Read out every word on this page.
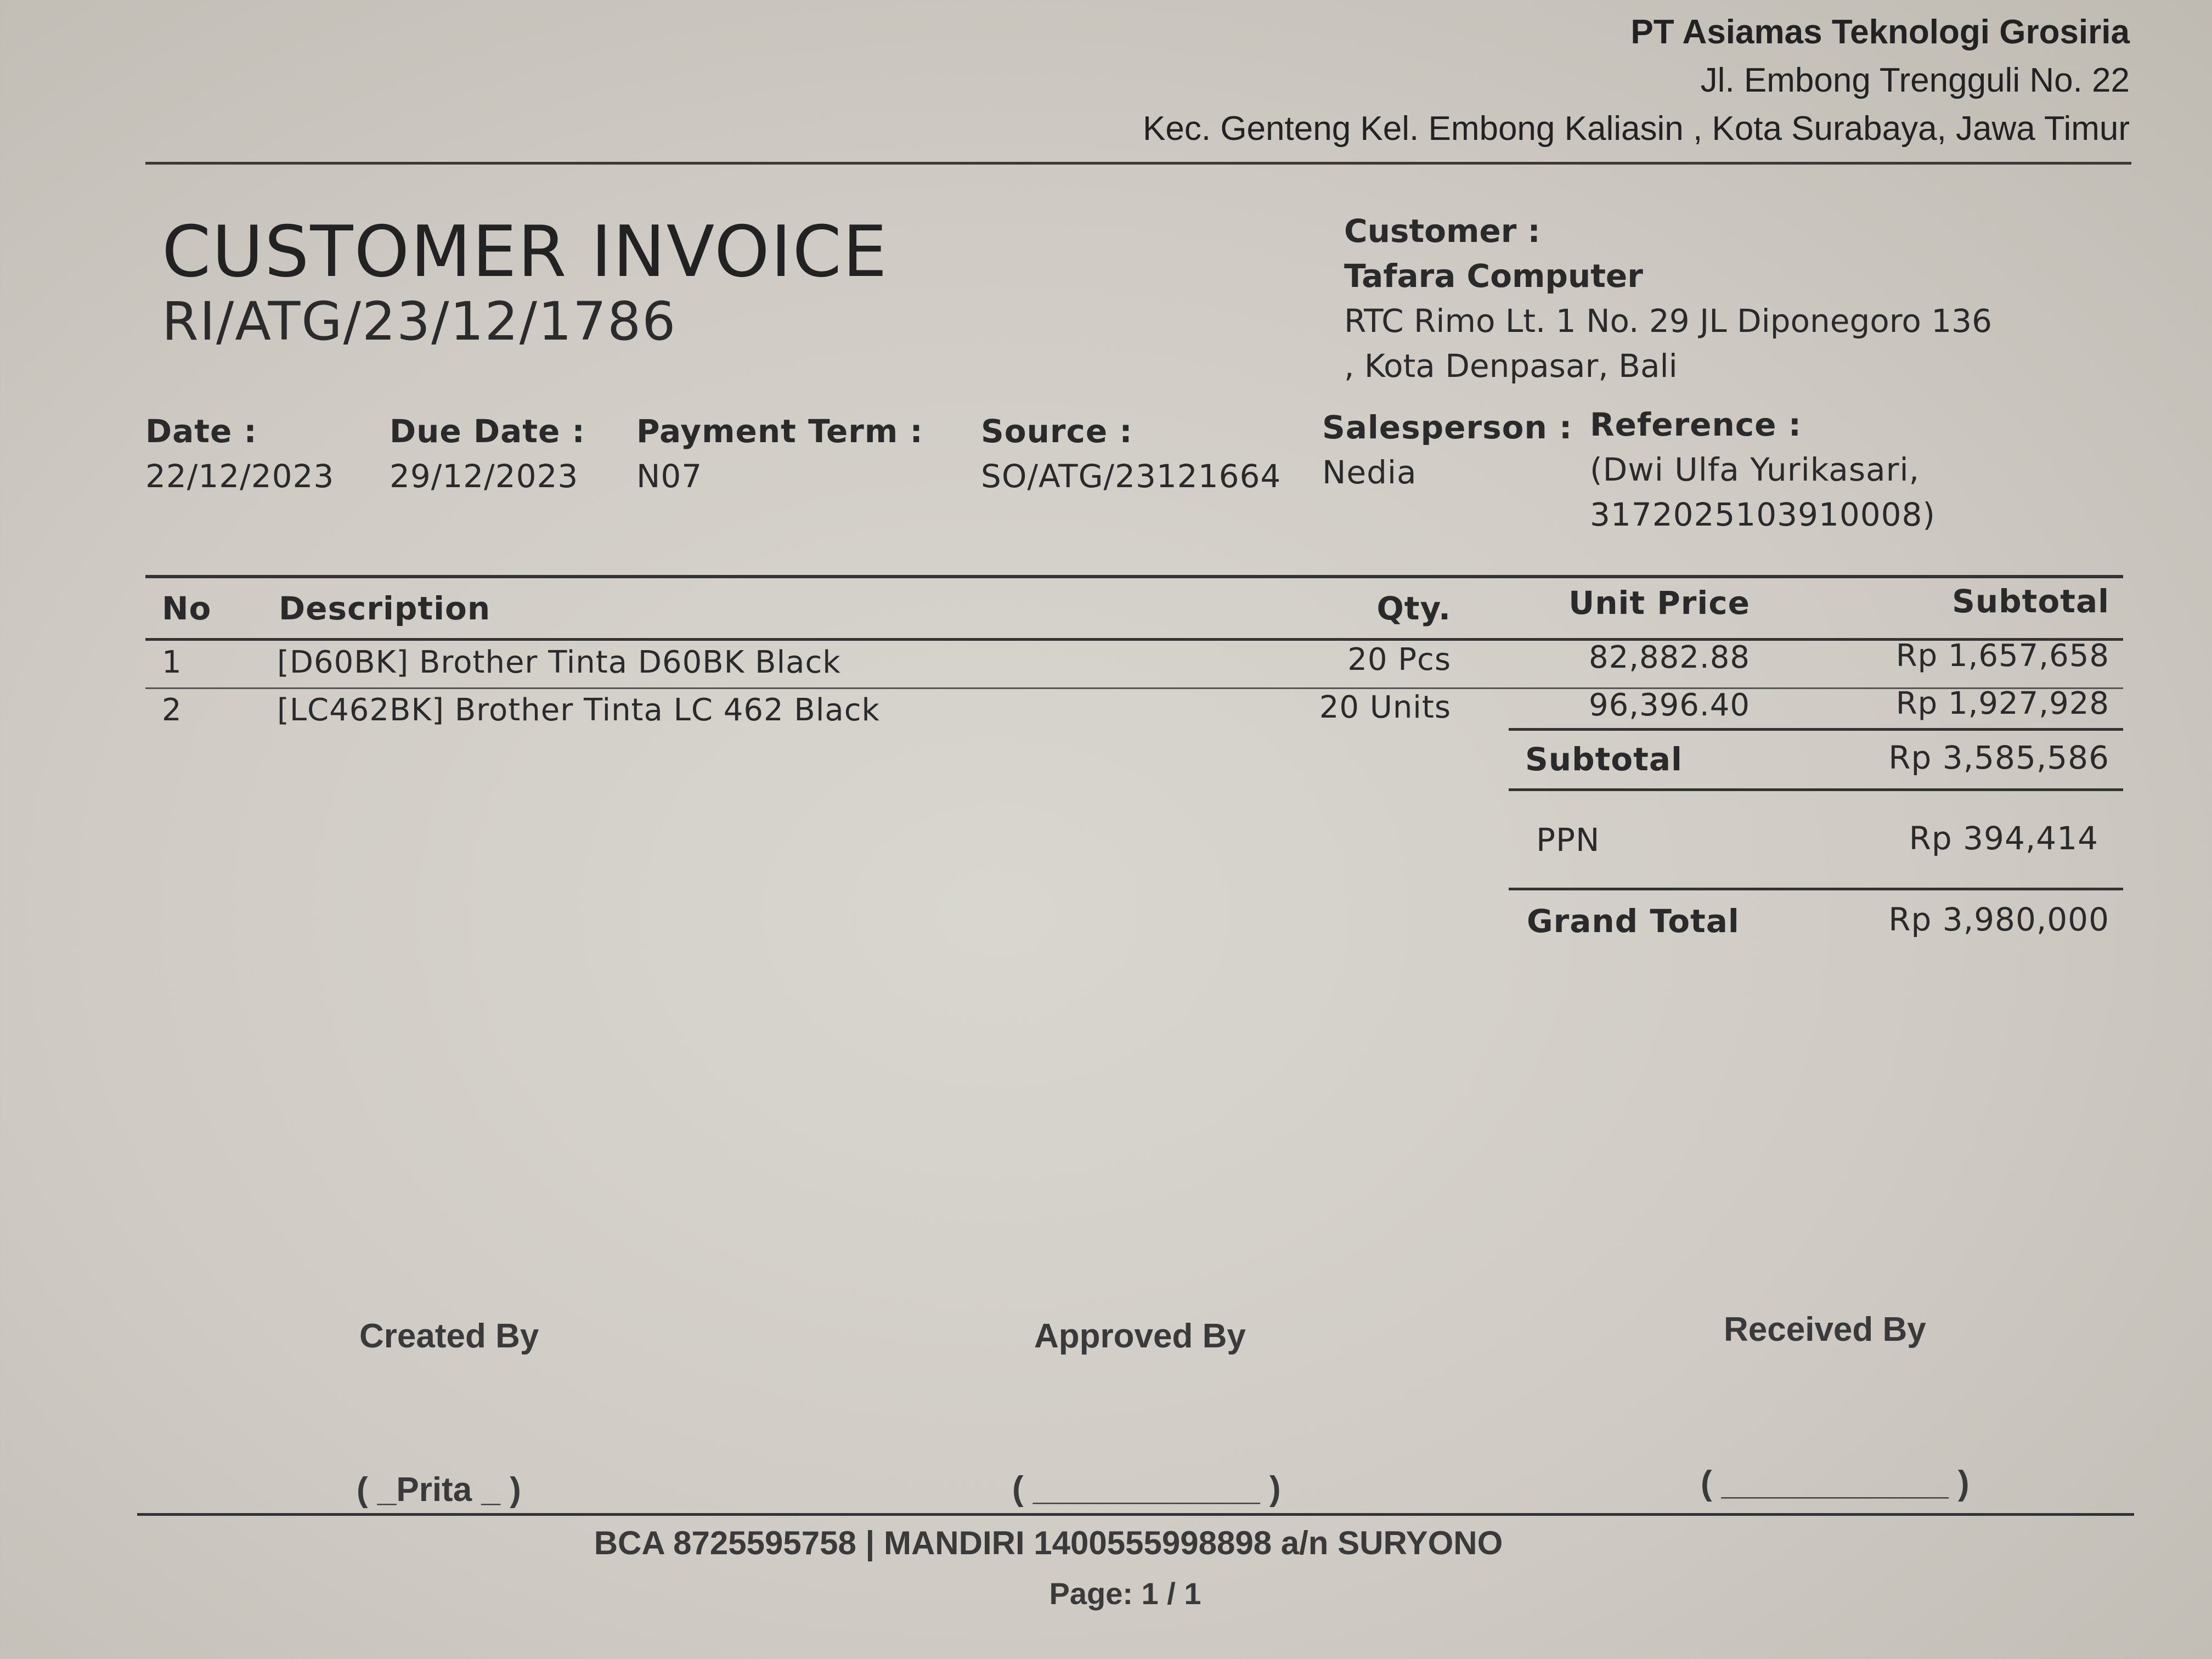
PT Asiamas Teknologi Grosiria
Jl. Embong Trengguli No. 22
Kec. Genteng Kel. Embong Kaliasin , Kota Surabaya, Jawa Timur
CUSTOMER INVOICE
RI/ATG/23/12/1786
Customer :
Tafara Computer
RTC Rimo Lt. 1 No. 29 JL Diponegoro 136
, Kota Denpasar, Bali
Date :
22/12/2023
Due Date :
29/12/2023
Payment Term :
N07
Source :
SO/ATG/23121664
Salesperson :
Nedia
Reference :
(Dwi Ulfa Yurikasari,
3172025103910008)
No Description	Qty.	Unit Price	Subtotal
1	[D60BK] Brother Tinta D60BK Black	20 Pcs	82,882.88	Rp 1,657,658
2	[LC462BK] Brother Tinta LC 462 Black	20 Units	96,396.40	Rp 1,927,928
Subtotal	Rp 3,585,586
PPN	Rp 394,414
Grand Total	Rp 3,980,000
Created By	Approved By	Received By
( _Prita _ )	( ____________ )	( ____________ )
BCA 8725595758 | MANDIRI 1400555998898 a/n SURYONO
Page: 1 / 1
